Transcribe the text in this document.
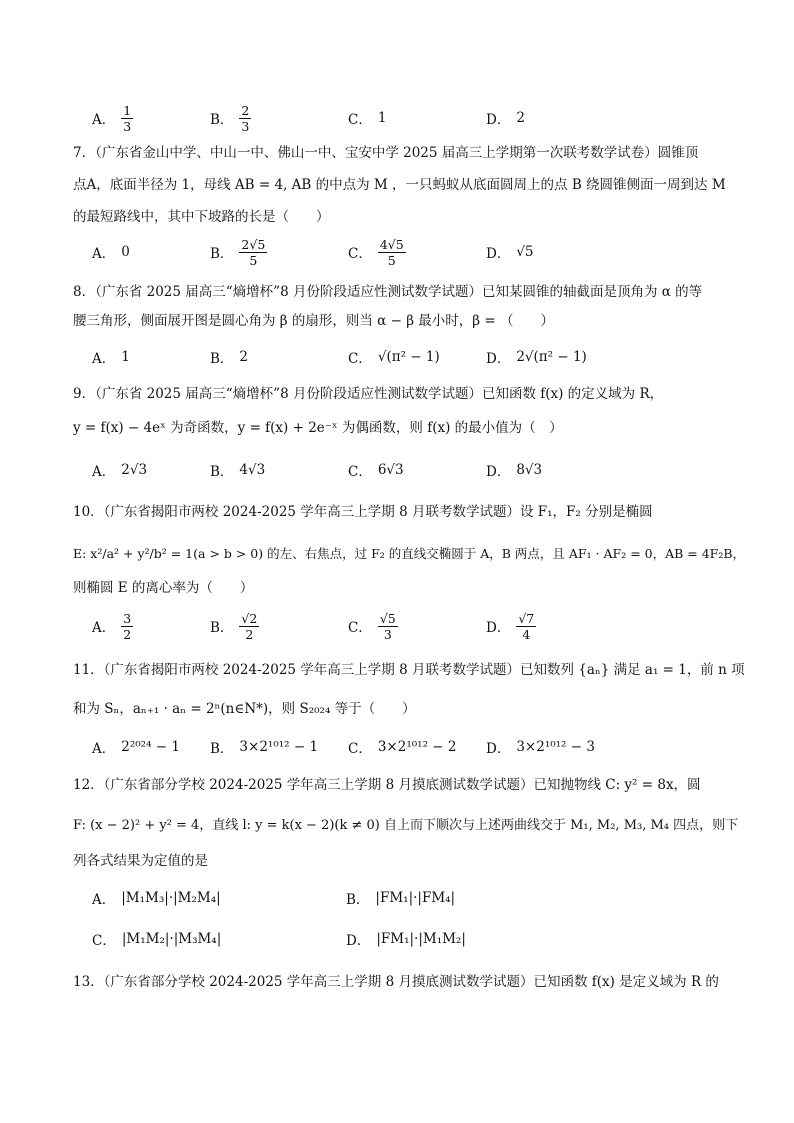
A． $\frac{1}{3}$	B． $\frac{2}{3}$	C． 1	D． 2
7．（广东省金山中学、中山一中、佛山一中、宝安中学 2025 届高三上学期第一次联考数学试卷）圆锥顶
点A，底面半径为 1，母线 AB = 4, AB 的中点为 M ，一只蚂蚁从底面圆周上的点 B 绕圆锥侧面一周到达 M
的最短路线中，其中下坡路的长是（　　）
A． 0	B． $\frac{2√5}{5}$	C． $\frac{4√5}{5}$	D． √5
8．（广东省 2025 届高三“熵增杯”8 月份阶段适应性测试数学试题）已知某圆锥的轴截面是顶角为 α 的等
腰三角形，侧面展开图是圆心角为 β 的扇形，则当 α − β 最小时，β = （　　）
A． 1	B． 2	C． √(π² − 1)	D． 2√(π² − 1)
9．（广东省 2025 届高三“熵增杯”8 月份阶段适应性测试数学试题）已知函数 f(x) 的定义域为 R，
y = f(x) − 4eˣ 为奇函数，y = f(x) + 2e⁻ˣ 为偶函数，则 f(x) 的最小值为（　）
A． 2√3	B． 4√3	C． 6√3	D． 8√3
10．（广东省揭阳市两校 2024-2025 学年高三上学期 8 月联考数学试题）设 F₁，F₂ 分别是椭圆
E: x²/a² + y²/b² = 1(a > b > 0) 的左、右焦点，过 F₂ 的直线交椭圆于 A，B 两点，且 AF₁ · AF₂ = 0，AB = 4F₂B，
则椭圆 E 的离心率为（　　）
A． $\frac{3}{2}$	B． $\frac{√2}{2}$	C． $\frac{√5}{3}$	D． $\frac{√7}{4}$
11．（广东省揭阳市两校 2024-2025 学年高三上学期 8 月联考数学试题）已知数列 {aₙ} 满足 a₁ = 1，前 n 项
和为 Sₙ，aₙ₊₁ · aₙ = 2ⁿ(n∈N*)，则 S₂₀₂₄ 等于（　　）
A． 2²⁰²⁴ − 1 B． 3×2¹⁰¹² − 1 C． 3×2¹⁰¹² − 2 D． 3×2¹⁰¹² − 3
12．（广东省部分学校 2024-2025 学年高三上学期 8 月摸底测试数学试题）已知抛物线 C: y² = 8x，圆
F: (x − 2)² + y² = 4，直线 l: y = k(x − 2)(k ≠ 0) 自上而下顺次与上述两曲线交于 M₁, M₂, M₃, M₄ 四点，则下
列各式结果为定值的是
A． |M₁M₃|·|M₂M₄|	B． |FM₁|·|FM₄|
C． |M₁M₂|·|M₃M₄|	D． |FM₁|·|M₁M₂|
13．（广东省部分学校 2024-2025 学年高三上学期 8 月摸底测试数学试题）已知函数 f(x) 是定义域为 R 的
